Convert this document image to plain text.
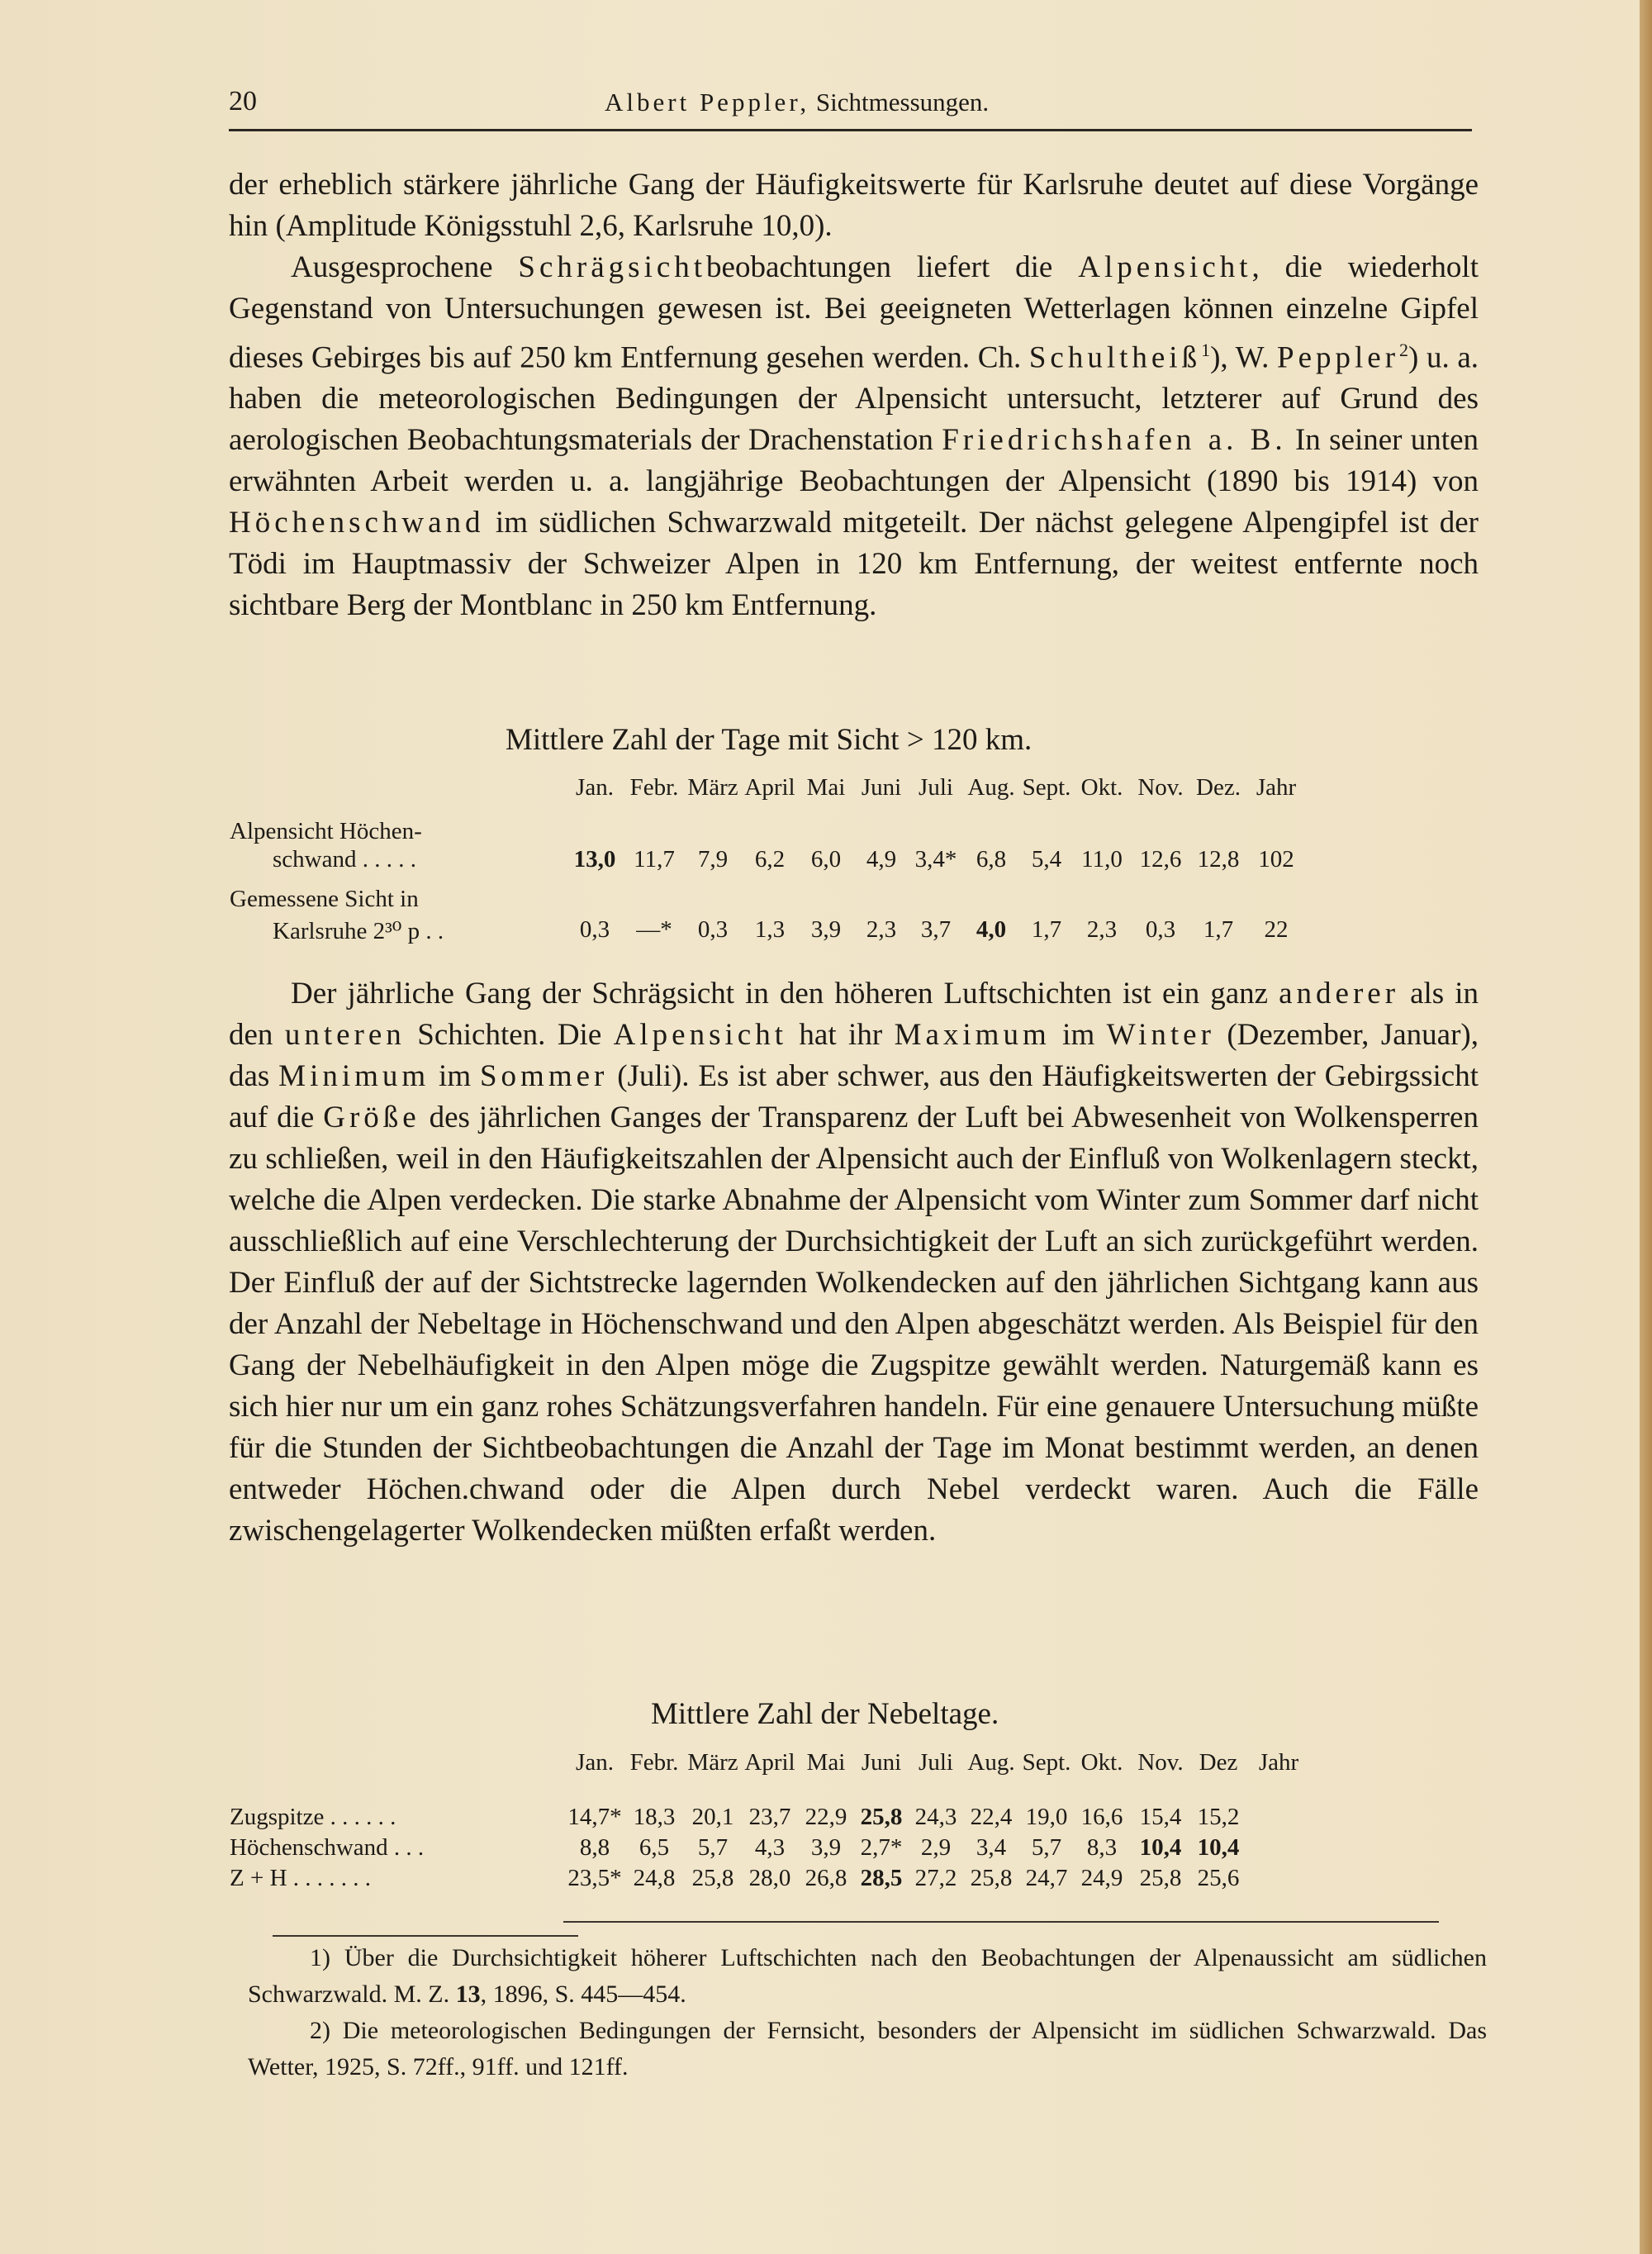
20	Albert Peppler, Sichtmessungen.

der erheblich stärkere jährliche Gang der Häufigkeitswerte für Karlsruhe deutet auf diese Vorgänge hin (Amplitude Königsstuhl 2,6, Karlsruhe 10,0).

Ausgesprochene Schrägsichtbeobachtungen liefert die Alpensicht, die wiederholt Gegenstand von Untersuchungen gewesen ist. Bei geeigneten Wetterlagen können einzelne Gipfel dieses Gebirges bis auf 250 km Entfernung gesehen werden. Ch. Schultheiß$^1$), W. Peppler$^2$) u. a. haben die meteorologischen Bedingungen der Alpensicht untersucht, letzterer auf Grund des aerologischen Beobachtungsmaterials der Drachenstation Friedrichshafen a. B. In seiner unten erwähnten Arbeit werden u. a. langjährige Beobachtungen der Alpensicht (1890 bis 1914) von Höchenschwand im südlichen Schwarzwald mitgeteilt. Der nächst gelegene Alpengipfel ist der Tödi im Hauptmassiv der Schweizer Alpen in 120 km Entfernung, der weitest entfernte noch sichtbare Berg der Montblanc in 250 km Entfernung.

Mittlere Zahl der Tage mit Sicht > 120 km.
Jan. Febr. März April Mai Juni Juli Aug. Sept. Okt. Nov. Dez. Jahr
Alpensicht Höchen-
schwand . . . . .	13,0 11,7 7,9	6,2	6,0	4,9 3,4* 6,8	5,4 11,0 12,6 12,8 102
Gemessene Sicht in
Karlsruhe 2³⁰ p . .	0,3	—*	0,3	1,3	3,9	2,3	3,7	4,0	1,7	2,3	0,3	1,7	22

Der jährliche Gang der Schrägsicht in den höheren Luftschichten ist ein ganz anderer als in den unteren Schichten. Die Alpensicht hat ihr Maximum im Winter (Dezember, Januar), das Minimum im Sommer (Juli). Es ist aber schwer, aus den Häufigkeitswerten der Gebirgssicht auf die Größe des jährlichen Ganges der Transparenz der Luft bei Abwesenheit von Wolkensperren zu schließen, weil in den Häufigkeitszahlen der Alpensicht auch der Einfluß von Wolkenlagern steckt, welche die Alpen verdecken. Die starke Abnahme der Alpensicht vom Winter zum Sommer darf nicht ausschließlich auf eine Verschlechterung der Durchsichtigkeit der Luft an sich zurückgeführt werden. Der Einfluß der auf der Sichtstrecke lagernden Wolkendecken auf den jährlichen Sichtgang kann aus der Anzahl der Nebeltage in Höchenschwand und den Alpen abgeschätzt werden. Als Beispiel für den Gang der Nebelhäufigkeit in den Alpen möge die Zugspitze gewählt werden. Naturgemäß kann es sich hier nur um ein ganz rohes Schätzungsverfahren handeln. Für eine genauere Untersuchung müßte für die Stunden der Sichtbeobachtungen die Anzahl der Tage im Monat bestimmt werden, an denen entweder Höchen.chwand oder die Alpen durch Nebel verdeckt waren. Auch die Fälle zwischengelagerter Wolkendecken müßten erfaßt werden.

Mittlere Zahl der Nebeltage.
Jan. Febr. März April Mai Juni Juli Aug. Sept. Okt. Nov. Dez Jahr
Zugspitze . . . . . .	14,7* 18,3 20,1 23,7 22,9 25,8 24,3 22,4 19,0 16,6 15,4 15,2
Höchenschwand . . .	8,8	6,5	5,7	4,3	3,9 2,7* 2,9	3,4	5,7	8,3 10,4 10,4
Z + H . . . . . . .	23,5* 24,8 25,8 28,0 26,8 28,5 27,2 25,8 24,7 24,9 25,8 25,6
1) Über die Durchsichtigkeit höherer Luftschichten nach den Beobachtungen der Alpenaussicht am südlichen Schwarzwald. M. Z. 13, 1896, S. 445—454.
2) Die meteorologischen Bedingungen der Fernsicht, besonders der Alpensicht im südlichen Schwarzwald. Das Wetter, 1925, S. 72ff., 91ff. und 121ff.
